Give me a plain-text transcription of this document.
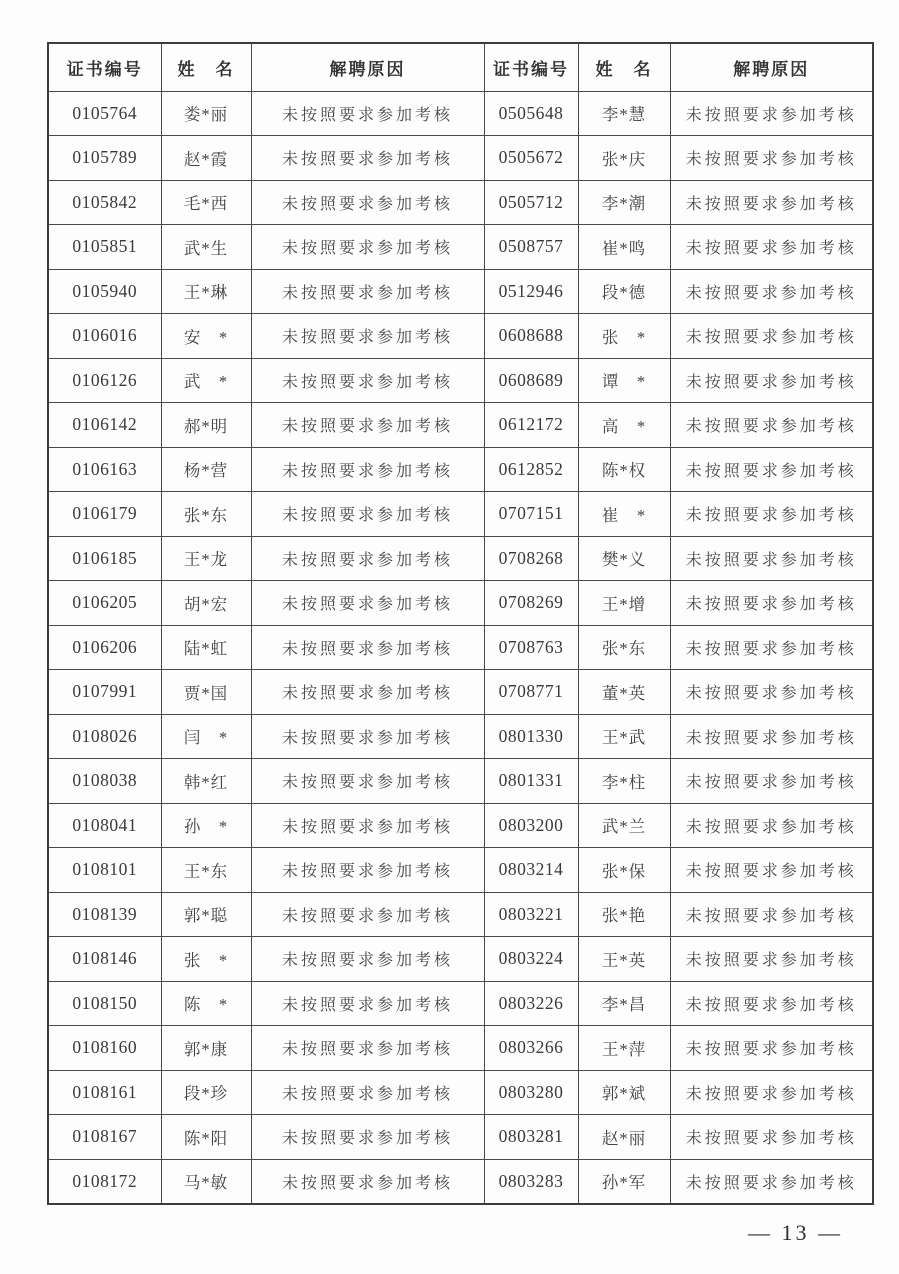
证书编号	姓　名	解聘原因	证书编号	姓　名	解聘原因
0105764	娄*丽	未按照要求参加考核	0505648	李*慧	未按照要求参加考核
0105789	赵*霞	未按照要求参加考核	0505672	张*庆	未按照要求参加考核
0105842	毛*西	未按照要求参加考核	0505712	李*潮	未按照要求参加考核
0105851	武*生	未按照要求参加考核	0508757	崔*鸣	未按照要求参加考核
0105940	王*琳	未按照要求参加考核	0512946	段*德	未按照要求参加考核
0106016	安　*	未按照要求参加考核	0608688	张　*	未按照要求参加考核
0106126	武　*	未按照要求参加考核	0608689	谭　*	未按照要求参加考核
0106142	郝*明	未按照要求参加考核	0612172	高　*	未按照要求参加考核
0106163	杨*营	未按照要求参加考核	0612852	陈*权	未按照要求参加考核
0106179	张*东	未按照要求参加考核	0707151	崔　*	未按照要求参加考核
0106185	王*龙	未按照要求参加考核	0708268	樊*义	未按照要求参加考核
0106205	胡*宏	未按照要求参加考核	0708269	王*增	未按照要求参加考核
0106206	陆*虹	未按照要求参加考核	0708763	张*东	未按照要求参加考核
0107991	贾*国	未按照要求参加考核	0708771	董*英	未按照要求参加考核
0108026	闫　*	未按照要求参加考核	0801330	王*武	未按照要求参加考核
0108038	韩*红	未按照要求参加考核	0801331	李*柱	未按照要求参加考核
0108041	孙　*	未按照要求参加考核	0803200	武*兰	未按照要求参加考核
0108101	王*东	未按照要求参加考核	0803214	张*保	未按照要求参加考核
0108139	郭*聪	未按照要求参加考核	0803221	张*艳	未按照要求参加考核
0108146	张　*	未按照要求参加考核	0803224	王*英	未按照要求参加考核
0108150	陈　*	未按照要求参加考核	0803226	李*昌	未按照要求参加考核
0108160	郭*康	未按照要求参加考核	0803266	王*萍	未按照要求参加考核
0108161	段*珍	未按照要求参加考核	0803280	郭*斌	未按照要求参加考核
0108167	陈*阳	未按照要求参加考核	0803281	赵*丽	未按照要求参加考核
0108172	马*敏	未按照要求参加考核	0803283	孙*军	未按照要求参加考核
— 13 —
